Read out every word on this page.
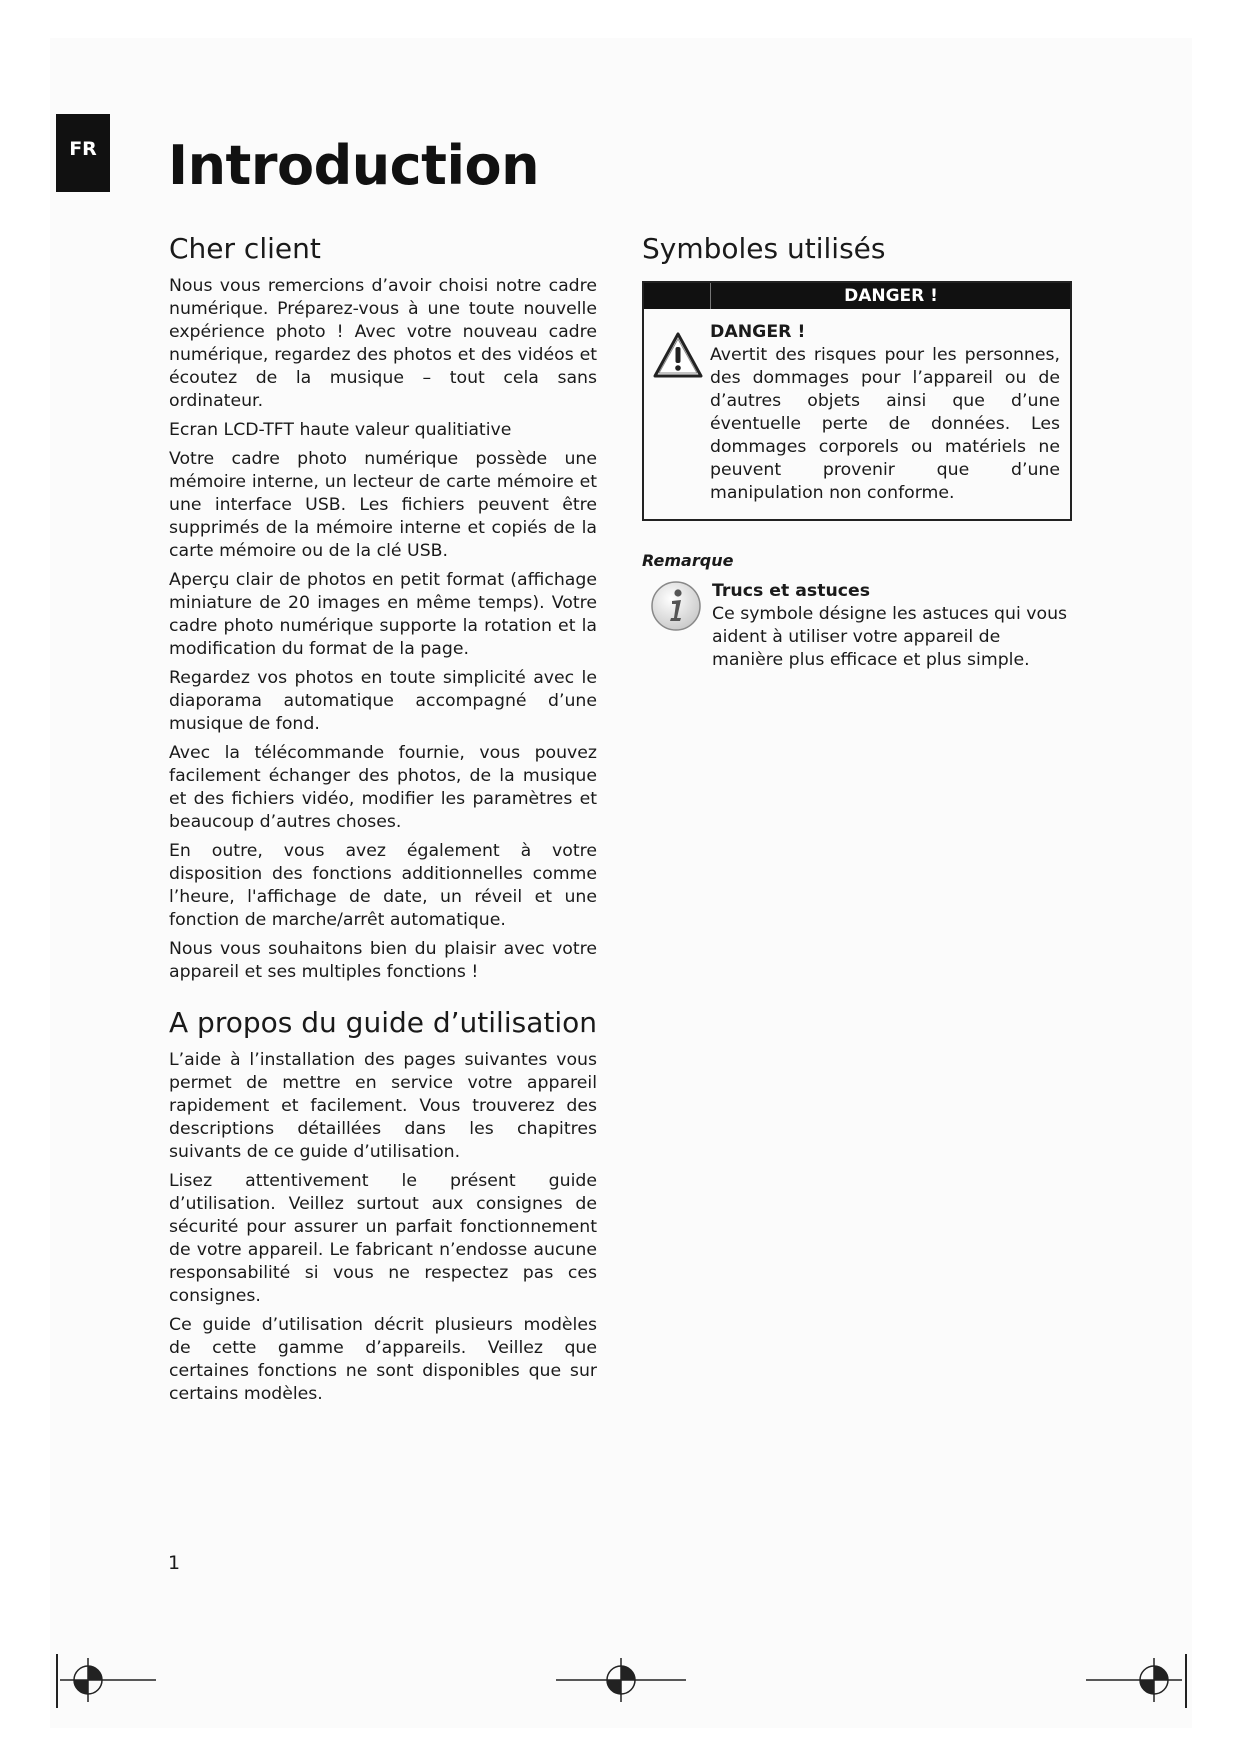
FR Introduction
Cher client

Nous vous remercions d’avoir choisi notre cadre numérique. Préparez-vous à une toute nouvelle expérience photo ! Avec votre nouveau cadre numérique, regardez des photos et des vidéos et écoutez de la musique – tout cela sans ordinateur.

Ecran LCD-TFT haute valeur qualitiative

Votre cadre photo numérique possède une mémoire interne, un lecteur de carte mémoire et une interface USB. Les fichiers peuvent être supprimés de la mémoire interne et copiés de la carte mémoire ou de la clé USB.

Aperçu clair de photos en petit format (affichage miniature de 20 images en même temps). Votre cadre photo numérique supporte la rotation et la modification du format de la page.

Regardez vos photos en toute simplicité avec le diaporama automatique accompagné d’une musique de fond.

Avec la télécommande fournie, vous pouvez facilement échanger des photos, de la musique et des fichiers vidéo, modifier les paramètres et beaucoup d’autres choses.

En outre, vous avez également à votre disposition des fonctions additionnelles comme l’heure, l'affichage de date, un réveil et une fonction de marche/arrêt automatique.

Nous vous souhaitons bien du plaisir avec votre appareil et ses multiples fonctions !

A propos du guide d’utilisation

L’aide à l’installation des pages suivantes vous permet de mettre en service votre appareil rapidement et facilement. Vous trouverez des descriptions détaillées dans les chapitres suivants de ce guide d’utilisation.

Lisez attentivement le présent guide d’utilisation. Veillez surtout aux consignes de sécurité pour assurer un parfait fonctionnement de votre appareil. Le fabricant n’endosse aucune responsabilité si vous ne respectez pas ces consignes.

Ce guide d’utilisation décrit plusieurs modèles de cette gamme d’appareils. Veillez que certaines fonctions ne sont disponibles que sur certains modèles.

Symboles utilisés
DANGER !
DANGER !

Avertit des risques pour les personnes, des dommages pour l’appareil ou de d’autres objets ainsi que d’une éventuelle perte de données. Les dommages corporels ou matériels ne peuvent provenir que d’une manipulation non conforme.

Remarque
Trucs et astuces

Ce symbole désigne les astuces qui vous aident à utiliser votre appareil de manière plus efficace et plus simple.

1
